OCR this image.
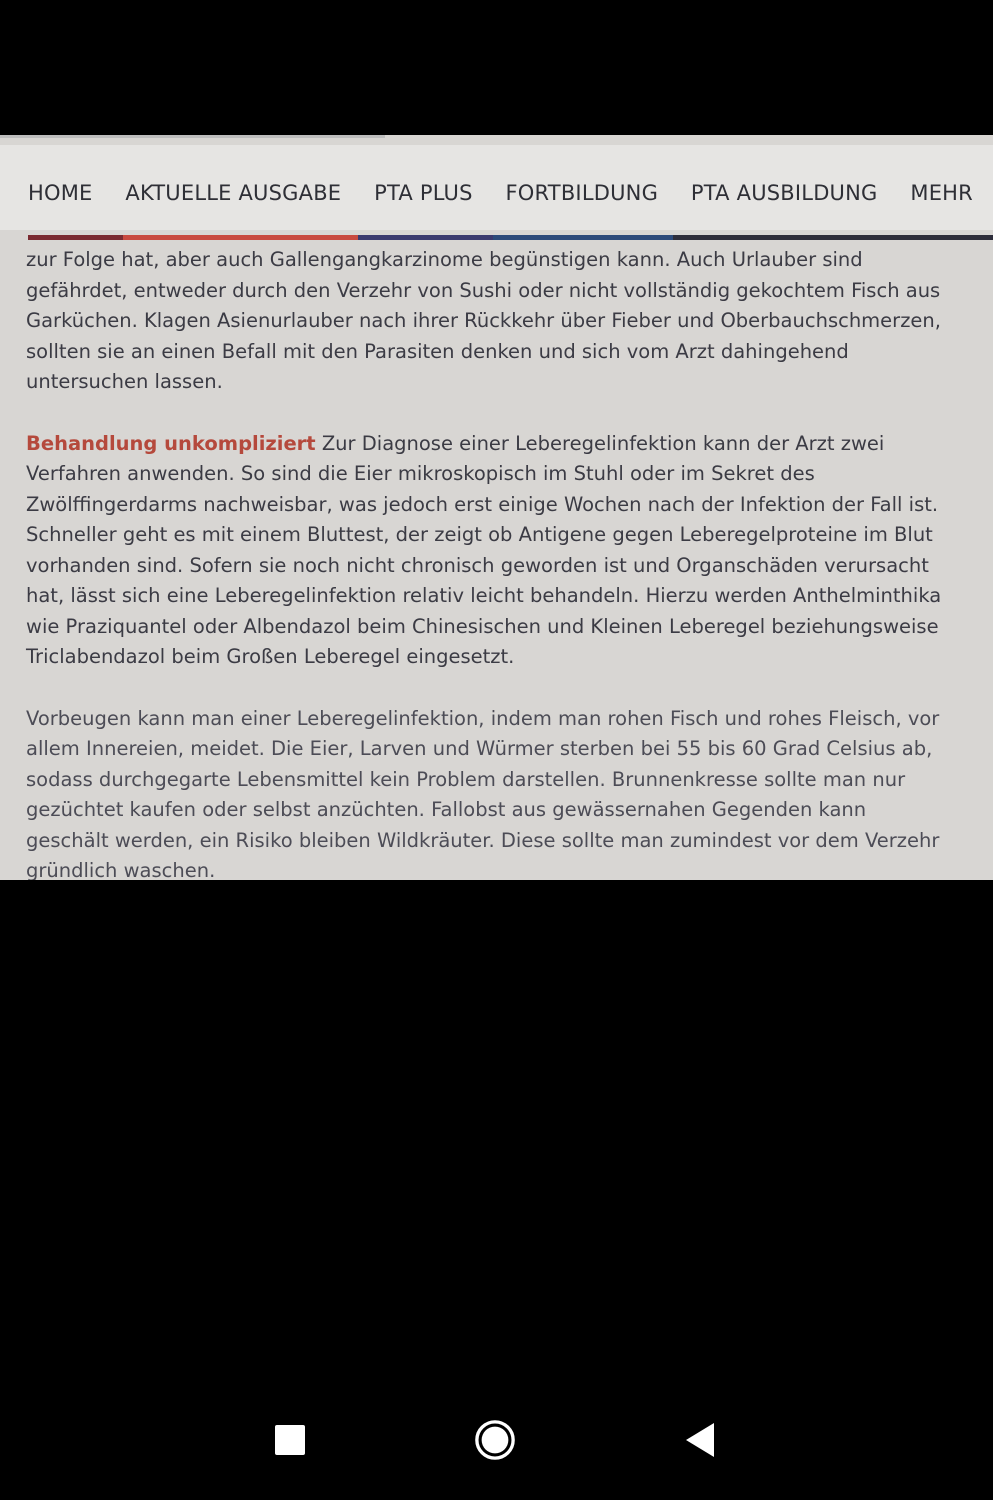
HOME AKTUELLE AUSGABE PTA PLUS FORTBILDUNG PTA AUSBILDUNG MEHR

zur Folge hat, aber auch Gallengangkarzinome begünstigen kann. Auch Urlauber sind gefährdet, entweder durch den Verzehr von Sushi oder nicht vollständig gekochtem Fisch aus Garküchen. Klagen Asienurlauber nach ihrer Rückkehr über Fieber und Oberbauchschmerzen, sollten sie an einen Befall mit den Parasiten denken und sich vom Arzt dahingehend untersuchen lassen.

Behandlung unkompliziert Zur Diagnose einer Leberegelinfektion kann der Arzt zwei Verfahren anwenden. So sind die Eier mikroskopisch im Stuhl oder im Sekret des Zwölffingerdarms nachweisbar, was jedoch erst einige Wochen nach der Infektion der Fall ist. Schneller geht es mit einem Bluttest, der zeigt ob Antigene gegen Leberegelproteine im Blut vorhanden sind. Sofern sie noch nicht chronisch geworden ist und Organschäden verursacht hat, lässt sich eine Leberegelinfektion relativ leicht behandeln. Hierzu werden Anthelminthika wie Praziquantel oder Albendazol beim Chinesischen und Kleinen Leberegel beziehungsweise Triclabendazol beim Großen Leberegel eingesetzt.

Vorbeugen kann man einer Leberegelinfektion, indem man rohen Fisch und rohes Fleisch, vor allem Innereien, meidet. Die Eier, Larven und Würmer sterben bei 55 bis 60 Grad Celsius ab, sodass durchgegarte Lebensmittel kein Problem darstellen. Brunnenkresse sollte man nur gezüchtet kaufen oder selbst anzüchten. Fallobst aus gewässernahen Gegenden kann geschält werden, ein Risiko bleiben Wildkräuter. Diese sollte man zumindest vor dem Verzehr gründlich waschen.
